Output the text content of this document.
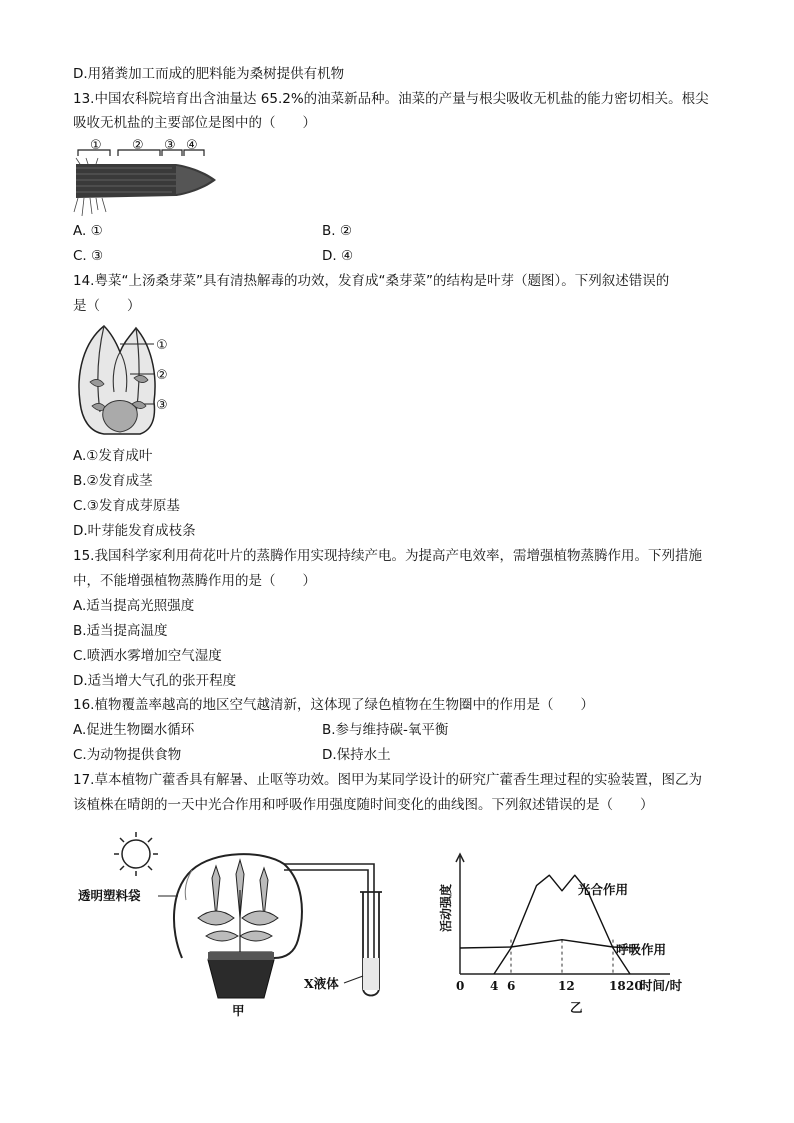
D.用猪粪加工而成的肥料能为桑树提供有机物
13.中国农科院培育出含油量达 65.2%的油菜新品种。油菜的产量与根尖吸收无机盐的能力密切相关。根尖
吸收无机盐的主要部位是图中的（　　）
① ② ③ ④
A. ①	B. ②
C. ③	D. ④
14.粤菜“上汤桑芽菜”具有清热解毒的功效，发育成“桑芽菜”的结构是叶芽（题图）。下列叙述错误的
是（　　）
①
②
③
A.①发育成叶
B.②发育成茎
C.③发育成芽原基
D.叶芽能发育成枝条
15.我国科学家利用荷花叶片的蒸腾作用实现持续产电。为提高产电效率，需增强植物蒸腾作用。下列措施
中，不能增强植物蒸腾作用的是（　　）
A.适当提高光照强度
B.适当提高温度
C.喷洒水雾增加空气湿度
D.适当增大气孔的张开程度
16.植物覆盖率越高的地区空气越清新，这体现了绿色植物在生物圈中的作用是（　　）
A.促进生物圈水循环	B.参与维持碳-氧平衡
C.为动物提供食物	D.保持水土
17.草本植物广藿香具有解暑、止呕等功效。图甲为某同学设计的研究广藿香生理过程的实验装置，图乙为
该植株在晴朗的一天中光合作用和呼吸作用强度随时间变化的曲线图。下列叙述错误的是（　　）
透明塑料袋
X液体
甲
活动强度
0 4 6	12	18 20
光合作用
呼吸作用
时间/时
乙
